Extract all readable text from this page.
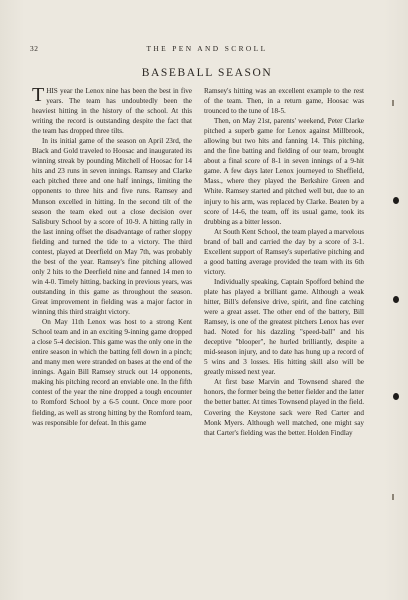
32	THE PEN AND SCROLL
BASEBALL SEASON

THIS year the Lenox nine has been the best in five years. The team has undoubtedly been the heaviest hitting in the history of the school. At this writing the record is outstanding despite the fact that the team has dropped three tilts.

In its initial game of the season on April 23rd, the Black and Gold traveled to Hoosac and inaugurated its winning streak by pounding Mitchell of Hoosac for 14 hits and 23 runs in seven innings. Ramsey and Clarke each pitched three and one half innings, limiting the opponents to three hits and five runs. Ramsey and Munson excelled in hitting. In the second tilt of the season the team eked out a close decision over Salisbury School by a score of 10-9. A hitting rally in the last inning offset the disadvantage of rather sloppy fielding and turned the tide to a victory. The third contest, played at Deerfield on May 7th, was probably the best of the year. Ramsey's fine pitching allowed only 2 hits to the Deerfield nine and fanned 14 men to win 4-0. Timely hitting, backing in previous years, was outstanding in this game as throughout the season. Great improvement in fielding was a major factor in winning this third straight victory.

On May 11th Lenox was host to a strong Kent School team and in an exciting 9-inning game dropped a close 5-4 decision. This game was the only one in the entire season in which the batting fell down in a pinch; and many men were stranded on bases at the end of the innings. Again Bill Ramsey struck out 14 opponents, making his pitching record an enviable one. In the fifth contest of the year the nine dropped a tough encounter to Romford School by a 6-5 count. Once more poor fielding, as well as strong hitting by the Romford team, was responsible for defeat. In this game

Ramsey's hitting was an excellent example to the rest of the team. Then, in a return game, Hoosac was trounced to the tune of 18-5.

Then, on May 21st, parents' weekend, Peter Clarke pitched a superb game for Lenox against Millbrook, allowing but two hits and fanning 14. This pitching, and the fine batting and fielding of our team, brought about a final score of 8-1 in seven innings of a 9-hit game. A few days later Lenox journeyed to Sheffield, Mass., where they played the Berkshire Green and White. Ramsey started and pitched well but, due to an injury to his arm, was replaced by Clarke. Beaten by a score of 14-6, the team, off its usual game, took its drubbing as a bitter lesson.

At South Kent School, the team played a marvelous brand of ball and carried the day by a score of 3-1. Excellent support of Ramsey's superlative pitching and a good batting average provided the team with its 6th victory.

Individually speaking, Captain Spofford behind the plate has played a brilliant game. Although a weak hitter, Bill's defensive drive, spirit, and fine catching were a great asset. The other end of the battery, Bill Ramsey, is one of the greatest pitchers Lenox has ever had. Noted for his dazzling "speed-ball" and his deceptive "blooper", he hurled brilliantly, despite a mid-season injury, and to date has hung up a record of 5 wins and 3 losses. His hitting skill also will be greatly missed next year.

At first base Marvin and Townsend shared the honors, the former being the better fielder and the latter the better batter. At times Townsend played in the field. Covering the Keystone sack were Red Carter and Monk Myers. Although well matched, one might say that Carter's fielding was the better. Holden Findlay
